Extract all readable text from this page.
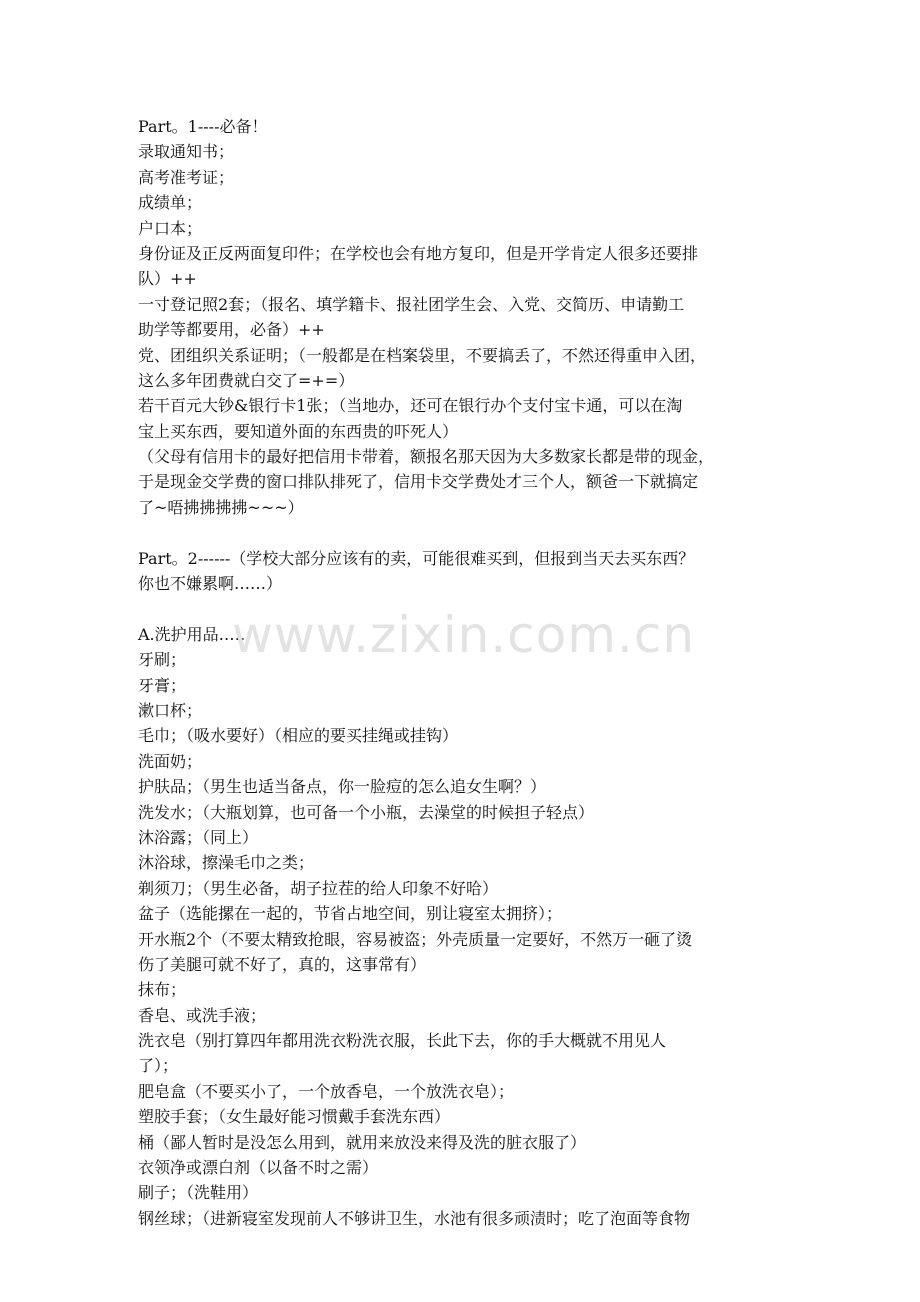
Part。1----必备！
录取通知书；
高考准考证；
成绩单；
户口本；
身份证及正反两面复印件；在学校也会有地方复印，但是开学肯定人很多还要排
队）++
一寸登记照2套；（报名、填学籍卡、报社团学生会、入党、交简历、申请勤工
助学等都要用，必备）++
党、团组织关系证明；（一般都是在档案袋里，不要搞丢了，不然还得重申入团，
这么多年团费就白交了=+=）
若干百元大钞&银行卡1张；（当地办，还可在银行办个支付宝卡通，可以在淘
宝上买东西，要知道外面的东西贵的吓死人）
（父母有信用卡的最好把信用卡带着，额报名那天因为大多数家长都是带的现金，
于是现金交学费的窗口排队排死了，信用卡交学费处才三个人，额爸一下就搞定
了~唔拂拂拂拂~~~）
Part。2------（学校大部分应该有的卖，可能很难买到，但报到当天去买东西？
你也不嫌累啊……）
A.洗护用品……
牙刷；
牙膏；
漱口杯；
毛巾；（吸水要好）（相应的要买挂绳或挂钩）
洗面奶；
护肤品；（男生也适当备点，你一脸痘的怎么追女生啊？）
洗发水；（大瓶划算，也可备一个小瓶，去澡堂的时候担子轻点）
沐浴露；（同上）
沐浴球，擦澡毛巾之类；
剃须刀；（男生必备，胡子拉茬的给人印象不好哈）
盆子（选能摞在一起的，节省占地空间，别让寝室太拥挤）；
开水瓶2个（不要太精致抢眼，容易被盗；外壳质量一定要好，不然万一砸了烫
伤了美腿可就不好了，真的，这事常有）
抹布；
香皂、或洗手液；
洗衣皂（别打算四年都用洗衣粉洗衣服，长此下去，你的手大概就不用见人
了）；
肥皂盒（不要买小了，一个放香皂，一个放洗衣皂）；
塑胶手套；（女生最好能习惯戴手套洗东西）
桶（鄙人暂时是没怎么用到，就用来放没来得及洗的脏衣服了）
衣领净或漂白剂（以备不时之需）
刷子；（洗鞋用）
钢丝球；（进新寝室发现前人不够讲卫生，水池有很多顽渍时；吃了泡面等食物
www.zixin.com.cn
